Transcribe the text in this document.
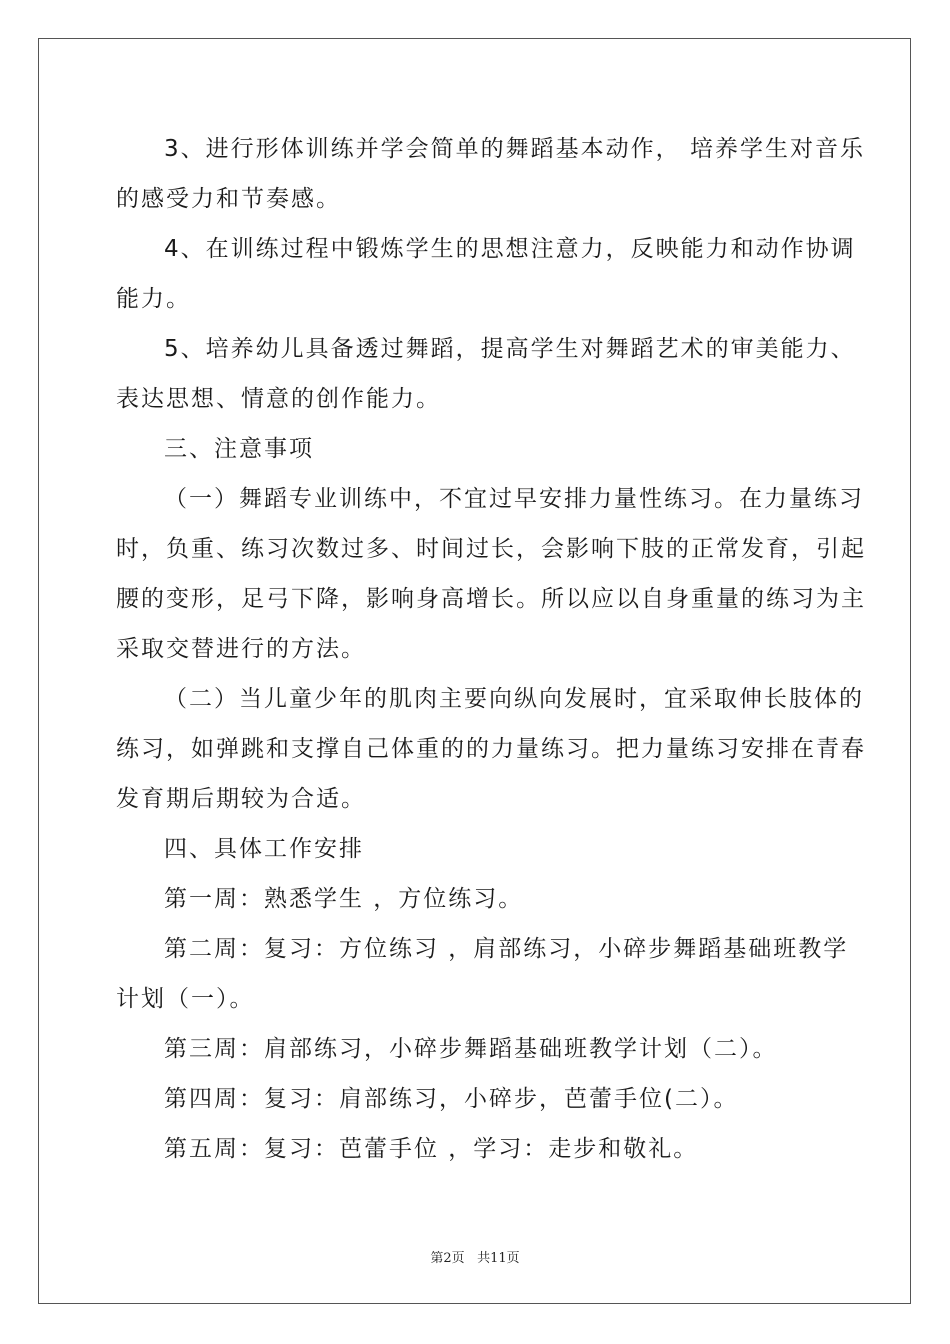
3、进行形体训练并学会简单的舞蹈基本动作， 培养学生对音乐

的感受力和节奏感。

4、在训练过程中锻炼学生的思想注意力，反映能力和动作协调

能力。

5、培养幼儿具备透过舞蹈，提高学生对舞蹈艺术的审美能力、

表达思想、情意的创作能力。

三、注意事项

（一）舞蹈专业训练中，不宜过早安排力量性练习。在力量练习

时，负重、练习次数过多、时间过长，会影响下肢的正常发育，引起

腰的变形，足弓下降，影响身高增长。所以应以自身重量的练习为主

采取交替进行的方法。

（二）当儿童少年的肌肉主要向纵向发展时，宜采取伸长肢体的

练习，如弹跳和支撑自己体重的的力量练习。把力量练习安排在青春

发育期后期较为合适。

四、具体工作安排

第一周：熟悉学生 ，方位练习。

第二周：复习：方位练习 ，肩部练习，小碎步舞蹈基础班教学

计划（一）。

第三周：肩部练习，小碎步舞蹈基础班教学计划（二）。

第四周：复习：肩部练习，小碎步，芭蕾手位(二）。

第五周：复习：芭蕾手位 ，学习：走步和敬礼。

第2页 共11页
